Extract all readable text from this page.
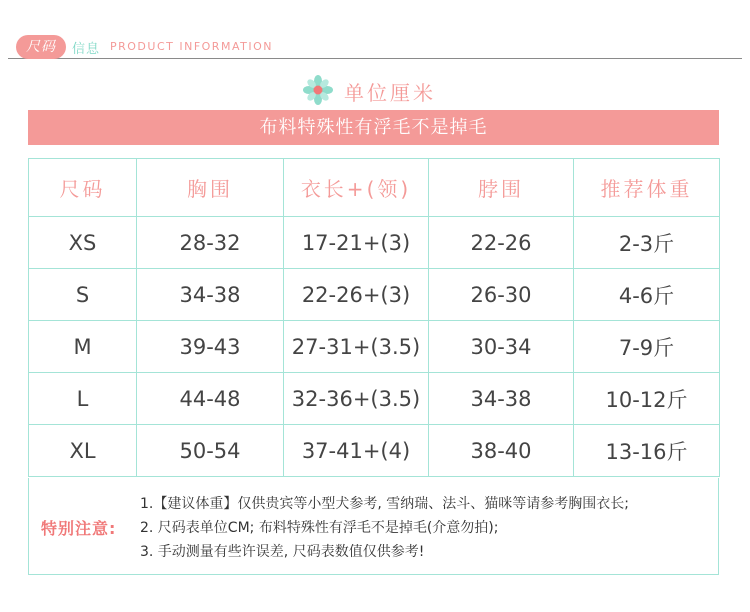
尺码	信息 PRODUCT INFORMATION
单位厘米
布料特殊性有浮毛不是掉毛
尺码	胸围	衣长+(领)	脖围	推荐体重
XS	28-32	17-21+(3)	22-26	2-3斤
S	34-38	22-26+(3)	26-30	4-6斤
M	39-43	27-31+(3.5)	30-34	7-9斤
L	44-48	32-36+(3.5)	34-38	10-12斤
XL	50-54	37-41+(4)	38-40	13-16斤
特别注意:
1.【建议体重】仅供贵宾等小型犬参考, 雪纳瑞、法斗、猫咪等请参考胸围衣长;
2. 尺码表单位CM; 布料特殊性有浮毛不是掉毛(介意勿拍);
3. 手动测量有些许误差, 尺码表数值仅供参考!
